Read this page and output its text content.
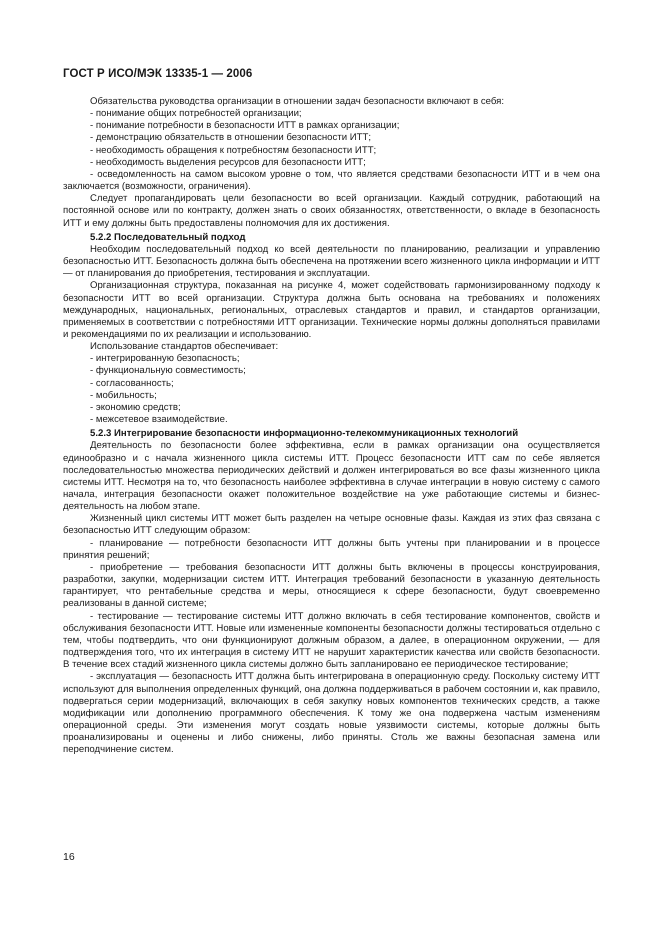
ГОСТ Р ИСО/МЭК 13335-1 — 2006

Обязательства руководства организации в отношении задач безопасности включают в себя:

- понимание общих потребностей организации;

- понимание потребности в безопасности ИТТ в рамках организации;

- демонстрацию обязательств в отношении безопасности ИТТ;

- необходимость обращения к потребностям безопасности ИТТ;

- необходимость выделения ресурсов для безопасности ИТТ;

- осведомленность на самом высоком уровне о том, что является средствами безопасности ИТТ и в чем она заключается (возможности, ограничения).

Следует пропагандировать цели безопасности во всей организации. Каждый сотрудник, работающий на постоянной основе или по контракту, должен знать о своих обязанностях, ответственности, о вкладе в безопасность ИТТ и ему должны быть предоставлены полномочия для их достижения.

5.2.2 Последовательный подход

Необходим последовательный подход ко всей деятельности по планированию, реализации и управлению безопасностью ИТТ. Безопасность должна быть обеспечена на протяжении всего жизненного цикла информации и ИТТ — от планирования до приобретения, тестирования и эксплуатации.

Организационная структура, показанная на рисунке 4, может содействовать гармонизированному подходу к безопасности ИТТ во всей организации. Структура должна быть основана на требованиях и положениях международных, национальных, региональных, отраслевых стандартов и правил, и стандартов организации, применяемых в соответствии с потребностями ИТТ организации. Технические нормы должны дополняться правилами и рекомендациями по их реализации и использованию.

Использование стандартов обеспечивает:

- интегрированную безопасность;

- функциональную совместимость;

- согласованность;

- мобильность;

- экономию средств;

- межсетевое взаимодействие.

5.2.3 Интегрирование безопасности информационно-телекоммуникационных технологий

Деятельность по безопасности более эффективна, если в рамках организации она осуществляется единообразно и с начала жизненного цикла системы ИТТ. Процесс безопасности ИТТ сам по себе является последовательностью множества периодических действий и должен интегрироваться во все фазы жизненного цикла системы ИТТ. Несмотря на то, что безопасность наиболее эффективна в случае интеграции в новую систему с самого начала, интеграция безопасности окажет положительное воздействие на уже работающие системы и бизнес-деятельность на любом этапе.

Жизненный цикл системы ИТТ может быть разделен на четыре основные фазы. Каждая из этих фаз связана с безопасностью ИТТ следующим образом:

- планирование — потребности безопасности ИТТ должны быть учтены при планировании и в процессе принятия решений;

- приобретение — требования безопасности ИТТ должны быть включены в процессы конструирования, разработки, закупки, модернизации систем ИТТ. Интеграция требований безопасности в указанную деятельность гарантирует, что рентабельные средства и меры, относящиеся к сфере безопасности, будут своевременно реализованы в данной системе;

- тестирование — тестирование системы ИТТ должно включать в себя тестирование компонентов, свойств и обслуживания безопасности ИТТ. Новые или измененные компоненты безопасности должны тестироваться отдельно с тем, чтобы подтвердить, что они функционируют должным образом, а далее, в операционном окружении, — для подтверждения того, что их интеграция в систему ИТТ не нарушит характеристик качества или свойств безопасности. В течение всех стадий жизненного цикла системы должно быть запланировано ее периодическое тестирование;

- эксплуатация — безопасность ИТТ должна быть интегрирована в операционную среду. Поскольку систему ИТТ используют для выполнения определенных функций, она должна поддерживаться в рабочем состоянии и, как правило, подвергаться серии модернизаций, включающих в себя закупку новых компонентов технических средств, а также модификации или дополнению программного обеспечения. К тому же она подвержена частым изменениям операционной среды. Эти изменения могут создать новые уязвимости системы, которые должны быть проанализированы и оценены и либо снижены, либо приняты. Столь же важны безопасная замена или переподчинение систем.

16
